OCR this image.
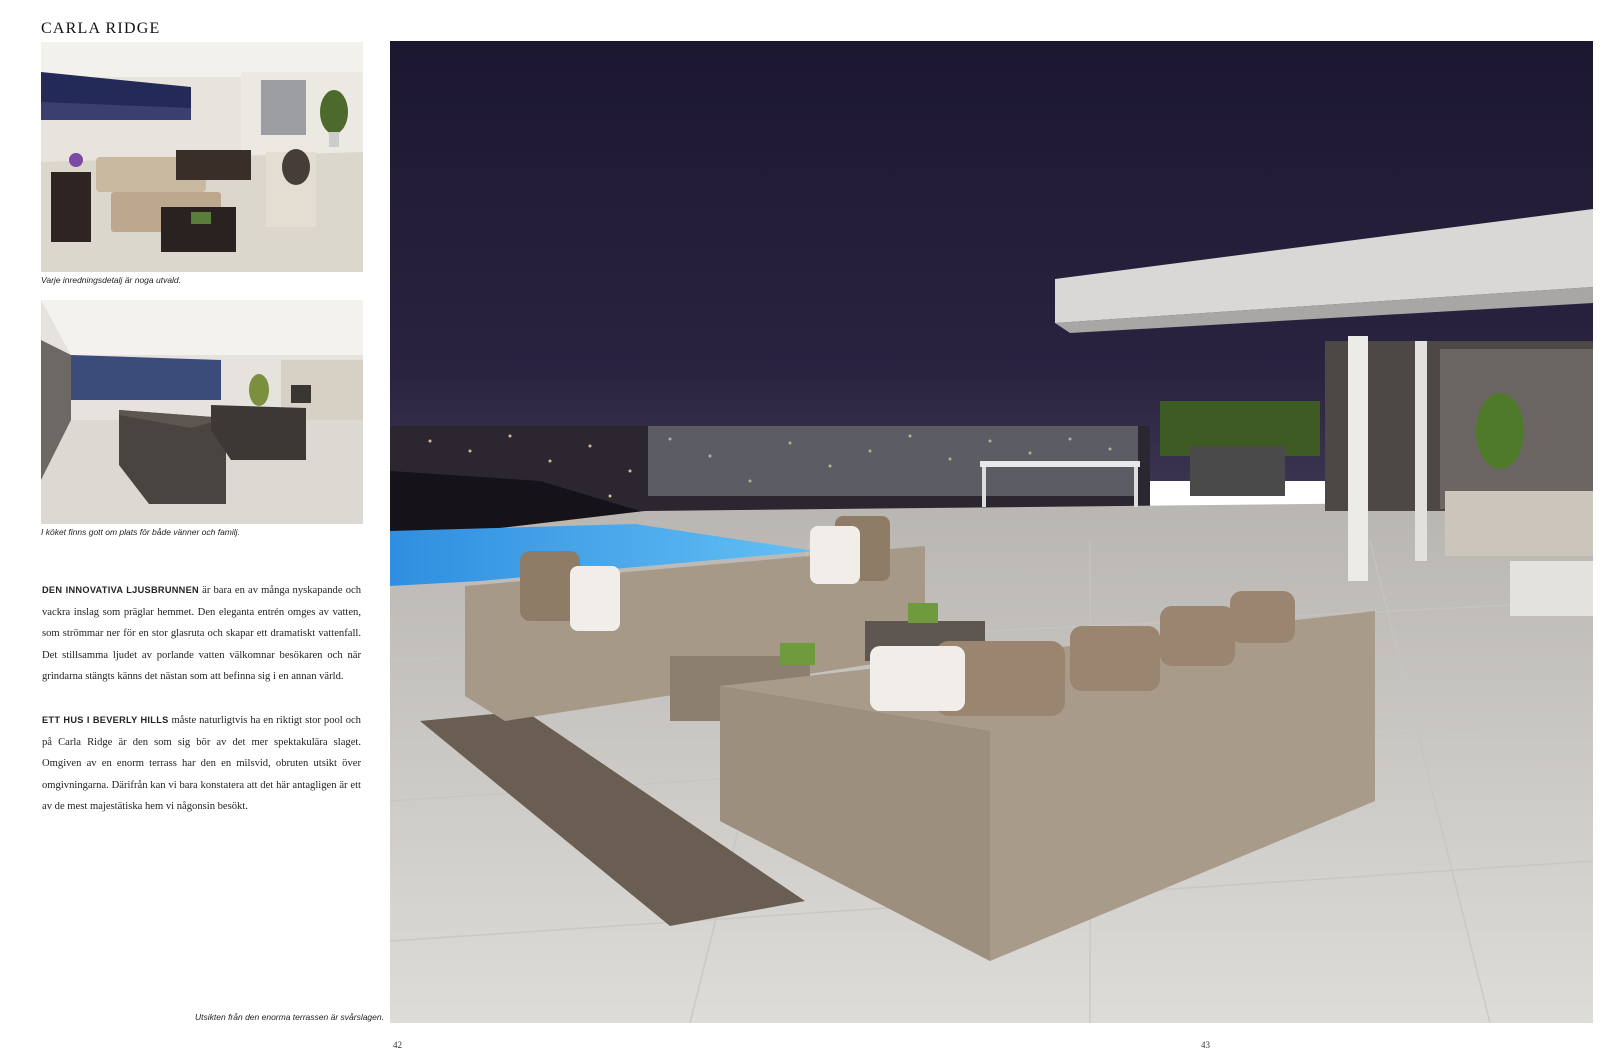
CARLA RIDGE
Varje inredningsdetalj är noga utvald.
I köket finns gott om plats för både vänner och familj.
DEN INNOVATIVA LJUSBRUNNEN är bara en av många nyskapande och vackra inslag som präglar hemmet. Den eleganta entrén omges av vatten, som strömmar ner för en stor glasruta och skapar ett dramatiskt vattenfall. Det stillsamma ljudet av porlande vatten välkomnar besökaren och när grindarna stängts känns det nästan som att befinna sig i en annan värld.
ETT HUS I BEVERLY HILLS måste naturligtvis ha en riktigt stor pool och på Carla Ridge är den som sig bör av det mer spektakulära slaget. Omgiven av en enorm terrass har den en milsvid, obruten utsikt över omgivningarna. Därifrån kan vi bara konstatera att det här antagligen är ett av de mest majestätiska hem vi någonsin besökt.
Utsikten från den enorma terrassen är svårslagen.
42	43
